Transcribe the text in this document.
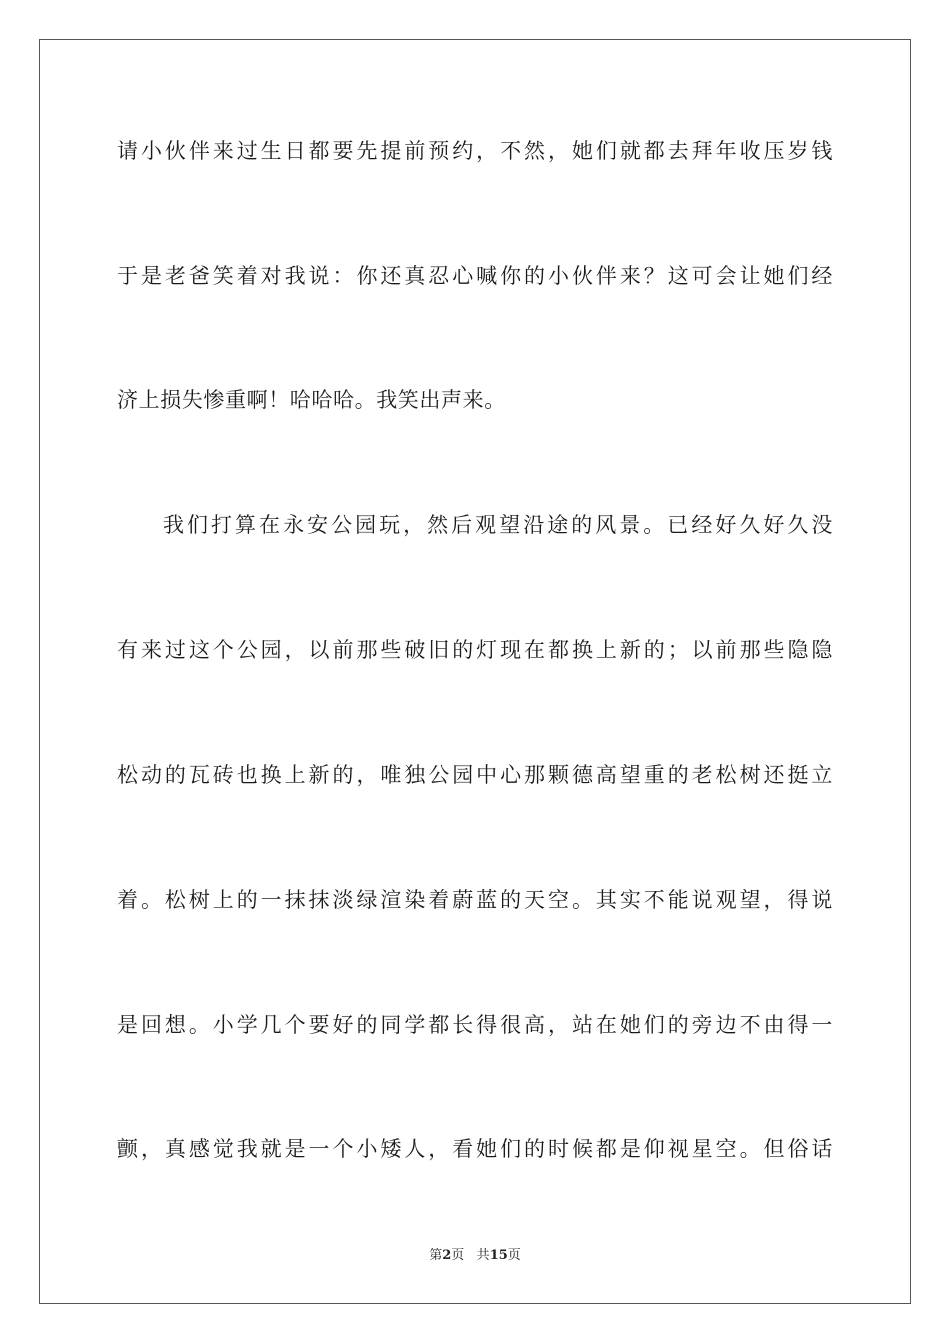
请小伙伴来过生日都要先提前预约，不然，她们就都去拜年收压岁钱
于是老爸笑着对我说：你还真忍心喊你的小伙伴来？这可会让她们经
济上损失惨重啊！哈哈哈。我笑出声来。
我们打算在永安公园玩，然后观望沿途的风景。已经好久好久没
有来过这个公园，以前那些破旧的灯现在都换上新的；以前那些隐隐
松动的瓦砖也换上新的，唯独公园中心那颗德高望重的老松树还挺立
着。松树上的一抹抹淡绿渲染着蔚蓝的天空。其实不能说观望，得说
是回想。小学几个要好的同学都长得很高，站在她们的旁边不由得一
颤，真感觉我就是一个小矮人，看她们的时候都是仰视星空。但俗话
第2页 共15页
